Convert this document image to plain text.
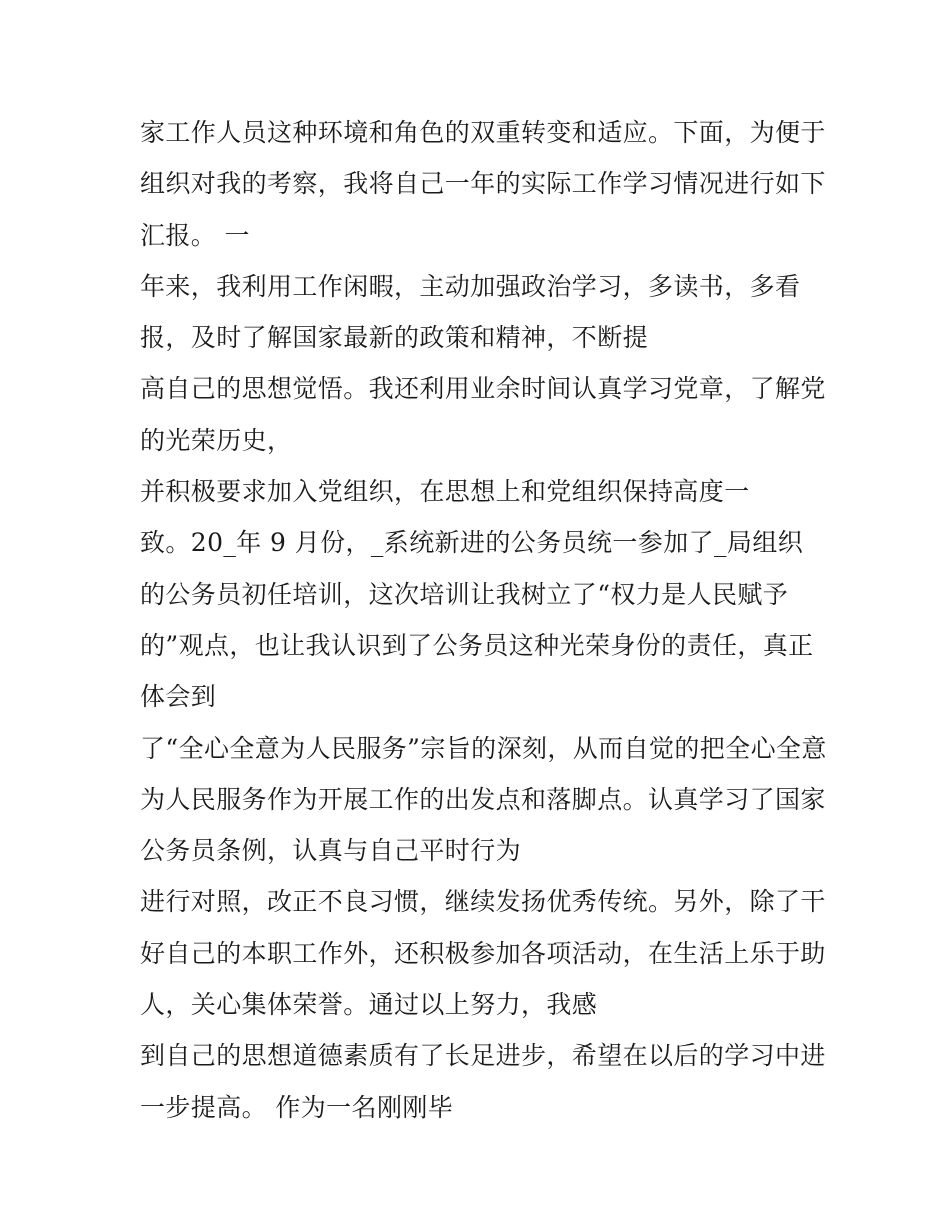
家工作人员这种环境和角色的双重转变和适应。下面，为便于
组织对我的考察，我将自己一年的实际工作学习情况进行如下
汇报。 一
年来，我利用工作闲暇，主动加强政治学习，多读书，多看
报，及时了解国家最新的政策和精神，不断提
高自己的思想觉悟。我还利用业余时间认真学习党章，了解党
的光荣历史，
并积极要求加入党组织，在思想上和党组织保持高度一
致。20_年 9 月份，_系统新进的公务员统一参加了_局组织
的公务员初任培训，这次培训让我树立了“权力是人民赋予
的”观点，也让我认识到了公务员这种光荣身份的责任，真正
体会到
了“全心全意为人民服务”宗旨的深刻，从而自觉的把全心全意
为人民服务作为开展工作的出发点和落脚点。认真学习了国家
公务员条例，认真与自己平时行为
进行对照，改正不良习惯，继续发扬优秀传统。另外，除了干
好自己的本职工作外，还积极参加各项活动，在生活上乐于助
人，关心集体荣誉。通过以上努力，我感
到自己的思想道德素质有了长足进步，希望在以后的学习中进
一步提高。 作为一名刚刚毕
